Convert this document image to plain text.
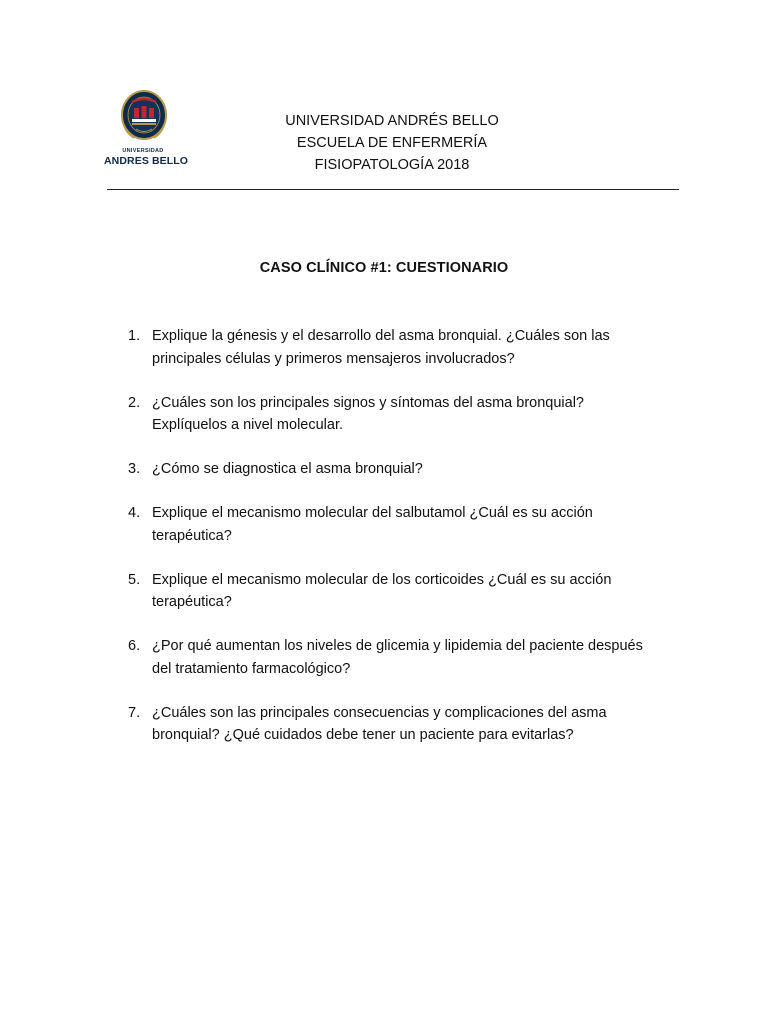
UNIVERSIDAD
ANDRES BELLO
UNIVERSIDAD ANDRÉS BELLO
ESCUELA DE ENFERMERÍA
FISIOPATOLOGÍA 2018
CASO CLÍNICO #1: CUESTIONARIO
1. Explique la génesis y el desarrollo del asma bronquial. ¿Cuáles son las
principales células y primeros mensajeros involucrados?
2. ¿Cuáles son los principales signos y síntomas del asma bronquial?
Explíquelos a nivel molecular.
3. ¿Cómo se diagnostica el asma bronquial?
4. Explique el mecanismo molecular del salbutamol ¿Cuál es su acción
terapéutica?
5. Explique el mecanismo molecular de los corticoides ¿Cuál es su acción
terapéutica?
6. ¿Por qué aumentan los niveles de glicemia y lipidemia del paciente después
del tratamiento farmacológico?
7. ¿Cuáles son las principales consecuencias y complicaciones del asma
bronquial? ¿Qué cuidados debe tener un paciente para evitarlas?
